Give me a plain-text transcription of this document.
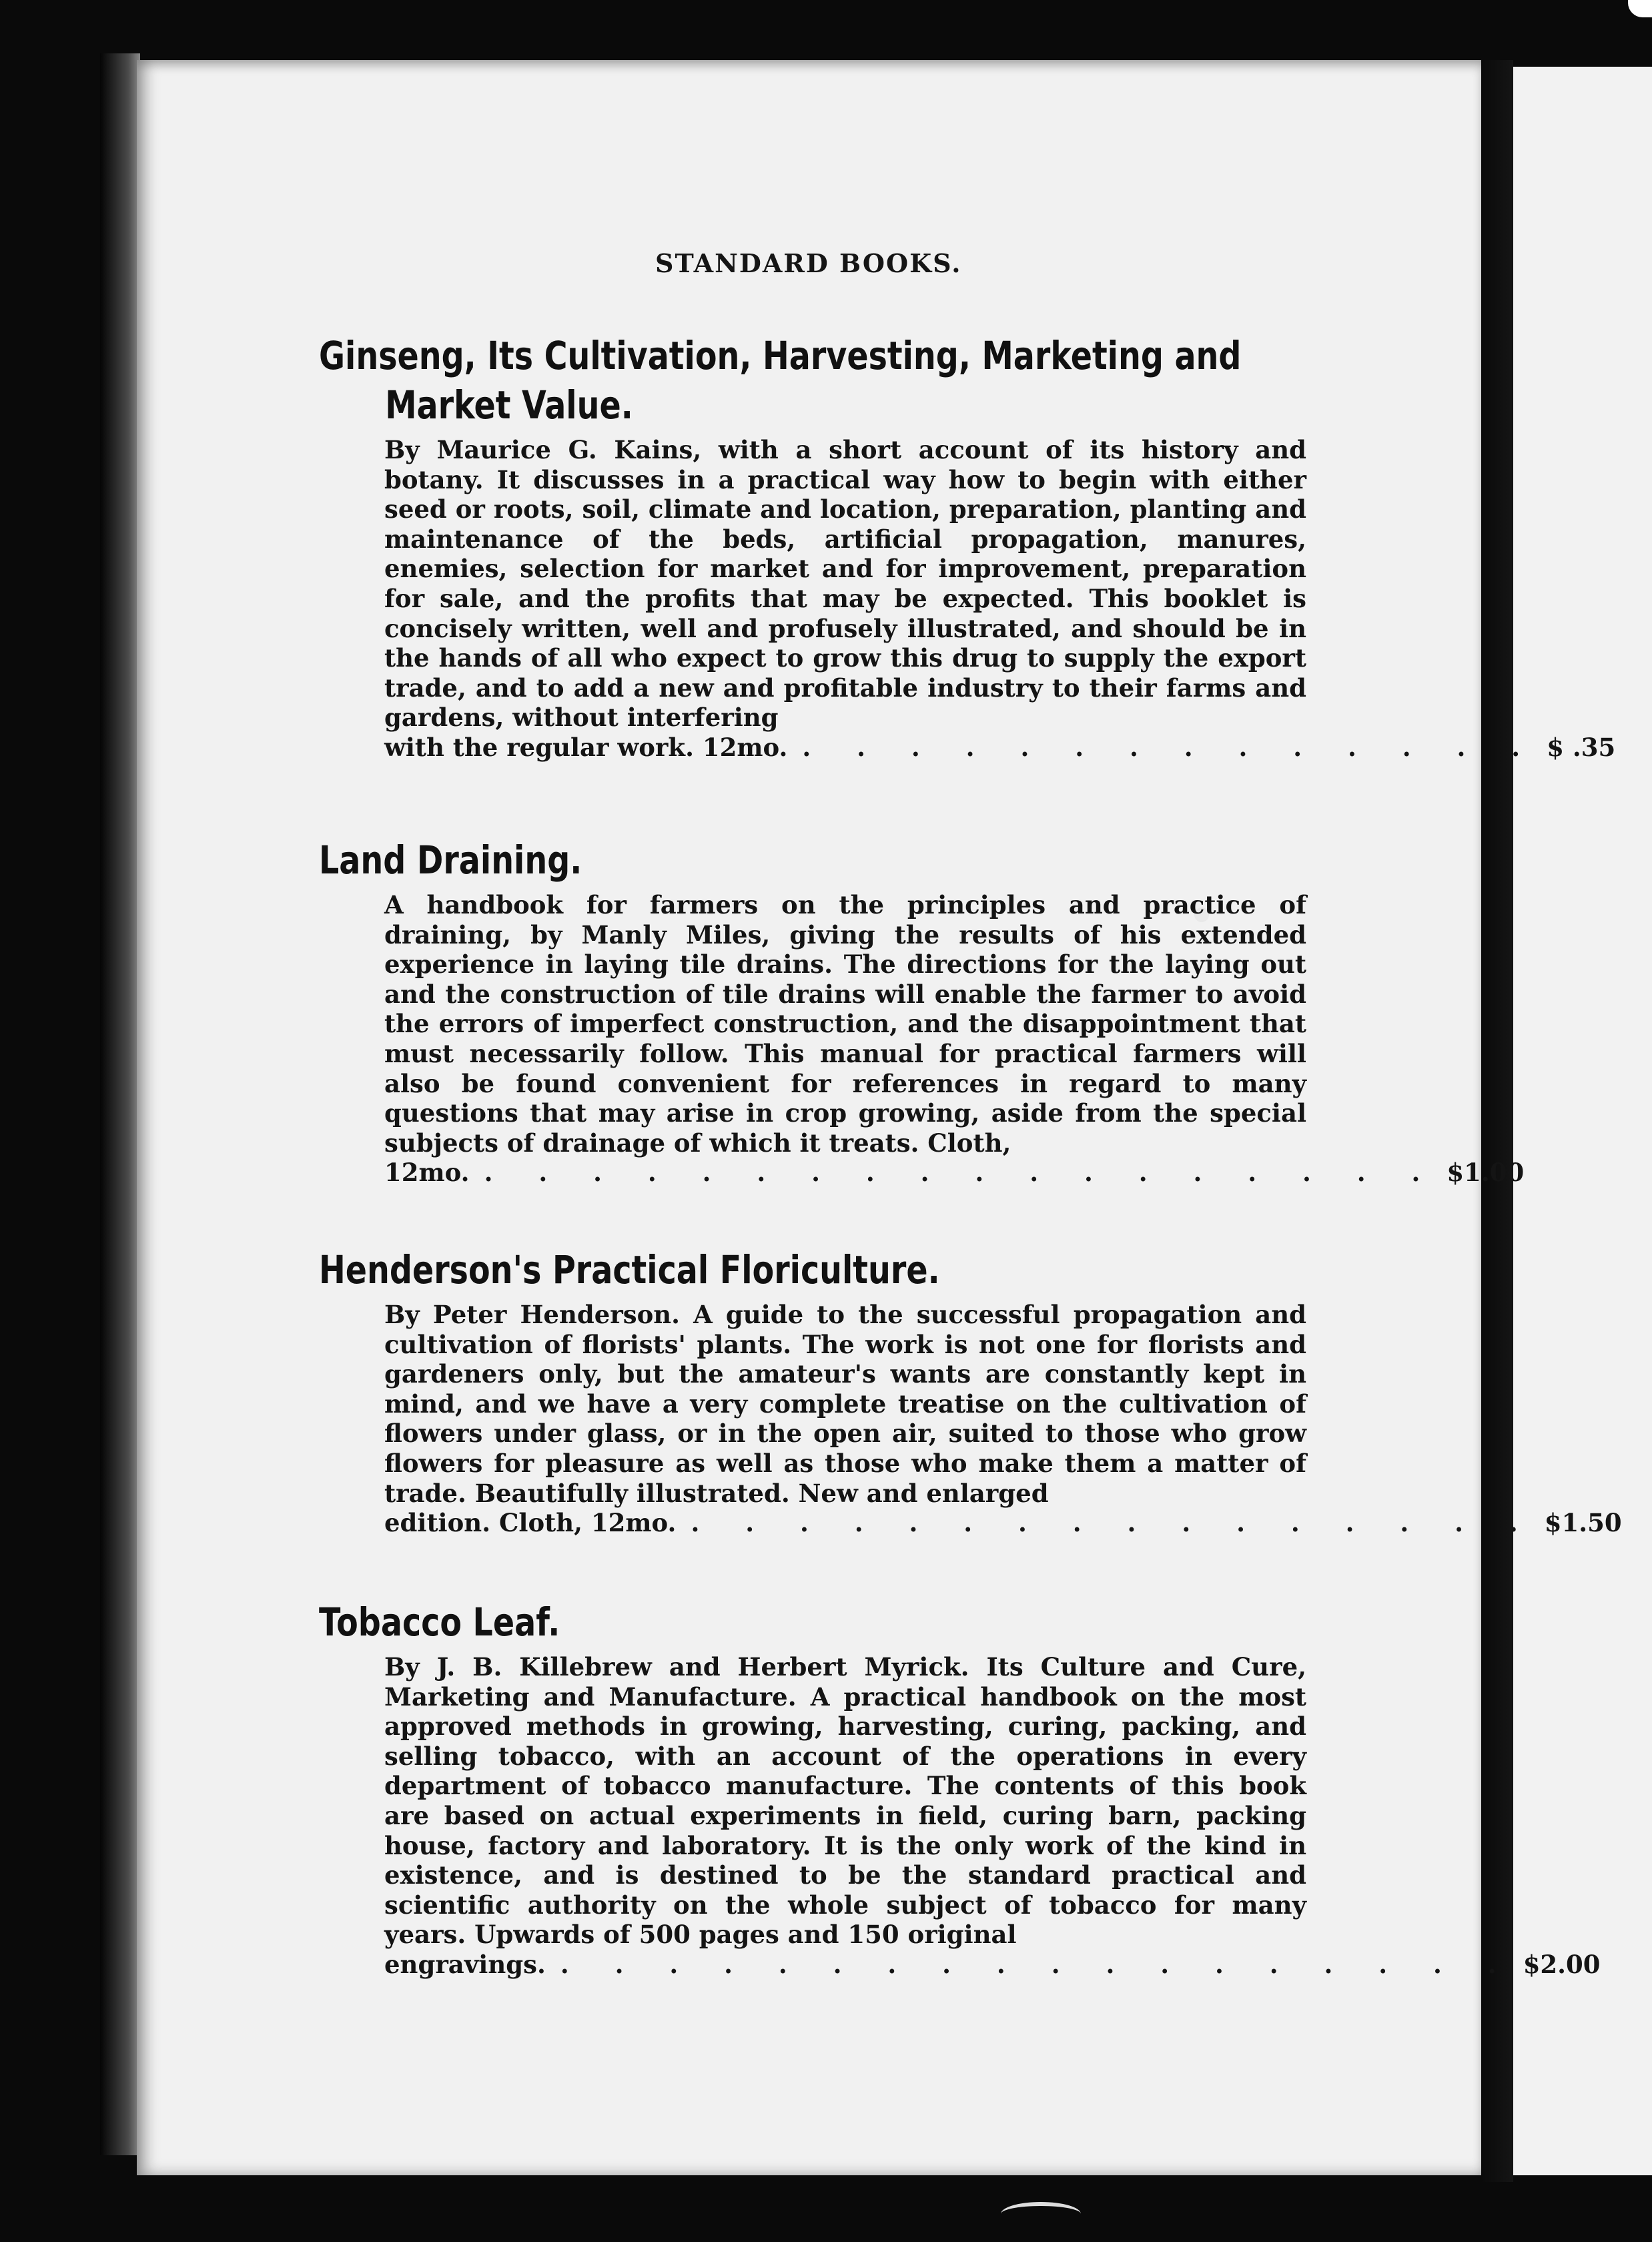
STANDARD BOOKS.
Ginseng, Its Cultivation, Harvesting, Marketing and
Market Value.
By Maurice G. Kains, with a short account of its history and botany. It discusses in a practical way how to begin with either seed or roots, soil, climate and location, preparation, planting and maintenance of the beds, artificial propagation, manures, enemies, selection for market and for improvement, preparation for sale, and the profits that may be expected. This booklet is concisely written, well and profusely illustrated, and should be in the hands of all who expect to grow this drug to supply the export trade, and to add a new and profitable industry to their farms and gardens, without interfering
with the regular work. 12mo. . . . . . . . . . . . . . . $ .35
Land Draining.
A handbook for farmers on the principles and practice of draining, by Manly Miles, giving the results of his extended experience in laying tile drains. The directions for the laying out and the construction of tile drains will enable the farmer to avoid the errors of imperfect construction, and the disappointment that must necessarily follow. This manual for practical farmers will also be found convenient for references in regard to many questions that may arise in crop growing, aside from the special subjects of drainage of which it treats. Cloth,
12mo. . . . . . . . . . . . . . . . . . . $1.00
Henderson's Practical Floriculture.
By Peter Henderson. A guide to the successful propagation and cultivation of florists' plants. The work is not one for florists and gardeners only, but the amateur's wants are constantly kept in mind, and we have a very complete treatise on the cultivation of flowers under glass, or in the open air, suited to those who grow flowers for pleasure as well as those who make them a matter of trade. Beautifully illustrated. New and enlarged
edition. Cloth, 12mo. . . . . . . . . . . . . . . . . $1.50
Tobacco Leaf.
By J. B. Killebrew and Herbert Myrick. Its Culture and Cure, Marketing and Manufacture. A practical handbook on the most approved methods in growing, harvesting, curing, packing, and selling tobacco, with an account of the operations in every department of tobacco manufacture. The contents of this book are based on actual experiments in field, curing barn, packing house, factory and laboratory. It is the only work of the kind in existence, and is destined to be the standard practical and scientific authority on the whole subject of tobacco for many years. Upwards of 500 pages and 150 original
engravings. . . . . . . . . . . . . . . . . . . $2.00
